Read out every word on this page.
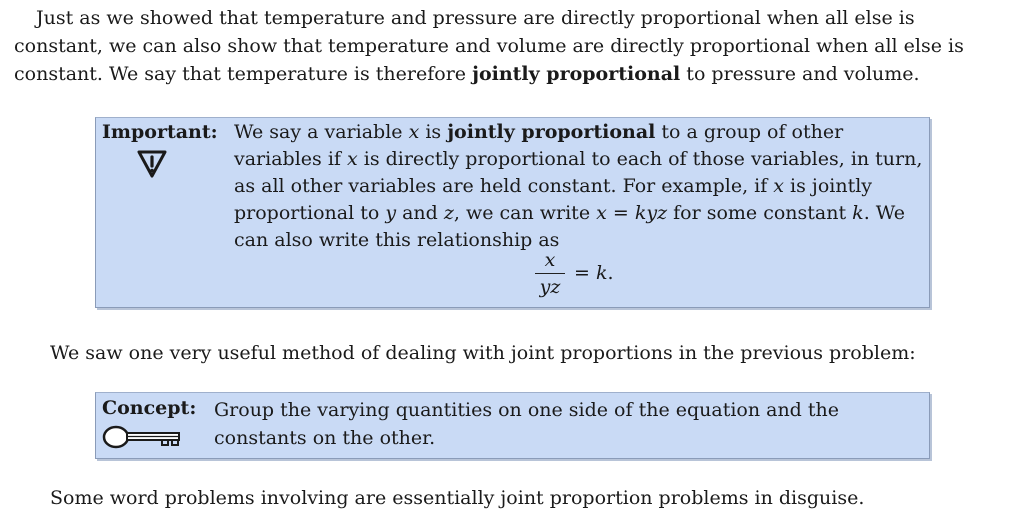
Just as we showed that temperature and pressure are directly proportional when all else is constant, we can also show that temperature and volume are directly proportional when all else is constant. We say that temperature is therefore jointly proportional to pressure and volume.

Important: We say a variable x is jointly proportional to a group of other variables if x is directly proportional to each of those variables, in turn, as all other variables are held constant. For example, if x is jointly proportional to y and z, we can write x = kyz for some constant k. We can also write this relationship as
x
yz
= k.

We saw one very useful method of dealing with joint proportions in the previous problem:

Concept: Group the varying quantities on one side of the equation and the constants on the other.

Some word problems involving are essentially joint proportion problems in disguise.
